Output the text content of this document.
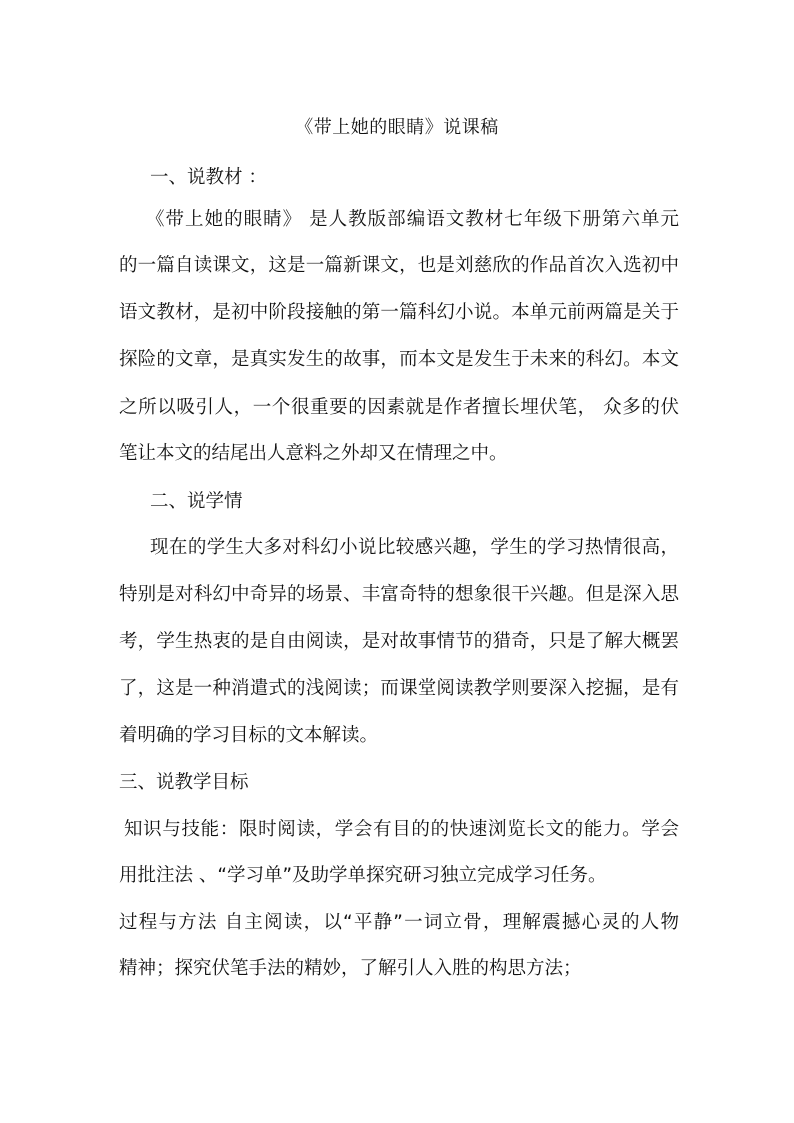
《带上她的眼睛》说课稿
一、说教材 ：
《带上她的眼睛》 是人教版部编语文教材七年级下册第六单元
的一篇自读课文，这是一篇新课文，也是刘慈欣的作品首次入选初中
语文教材，是初中阶段接触的第一篇科幻小说。本单元前两篇是关于
探险的文章，是真实发生的故事，而本文是发生于未来的科幻。本文
之所以吸引人，一个很重要的因素就是作者擅长埋伏笔， 众多的伏
笔让本文的结尾出人意料之外却又在情理之中。
二、说学情
现在的学生大多对科幻小说比较感兴趣，学生的学习热情很高，
特别是对科幻中奇异的场景、丰富奇特的想象很干兴趣。但是深入思
考，学生热衷的是自由阅读，是对故事情节的猎奇，只是了解大概罢
了，这是一种消遣式的浅阅读；而课堂阅读教学则要深入挖掘，是有
着明确的学习目标的文本解读。
三、说教学目标
知识与技能：限时阅读，学会有目的的快速浏览长文的能力。学会
用批注法 、“学习单”及助学单探究研习独立完成学习任务。
过程与方法 自主阅读，以“平静”一词立骨，理解震撼心灵的人物
精神；探究伏笔手法的精妙，了解引人入胜的构思方法；
